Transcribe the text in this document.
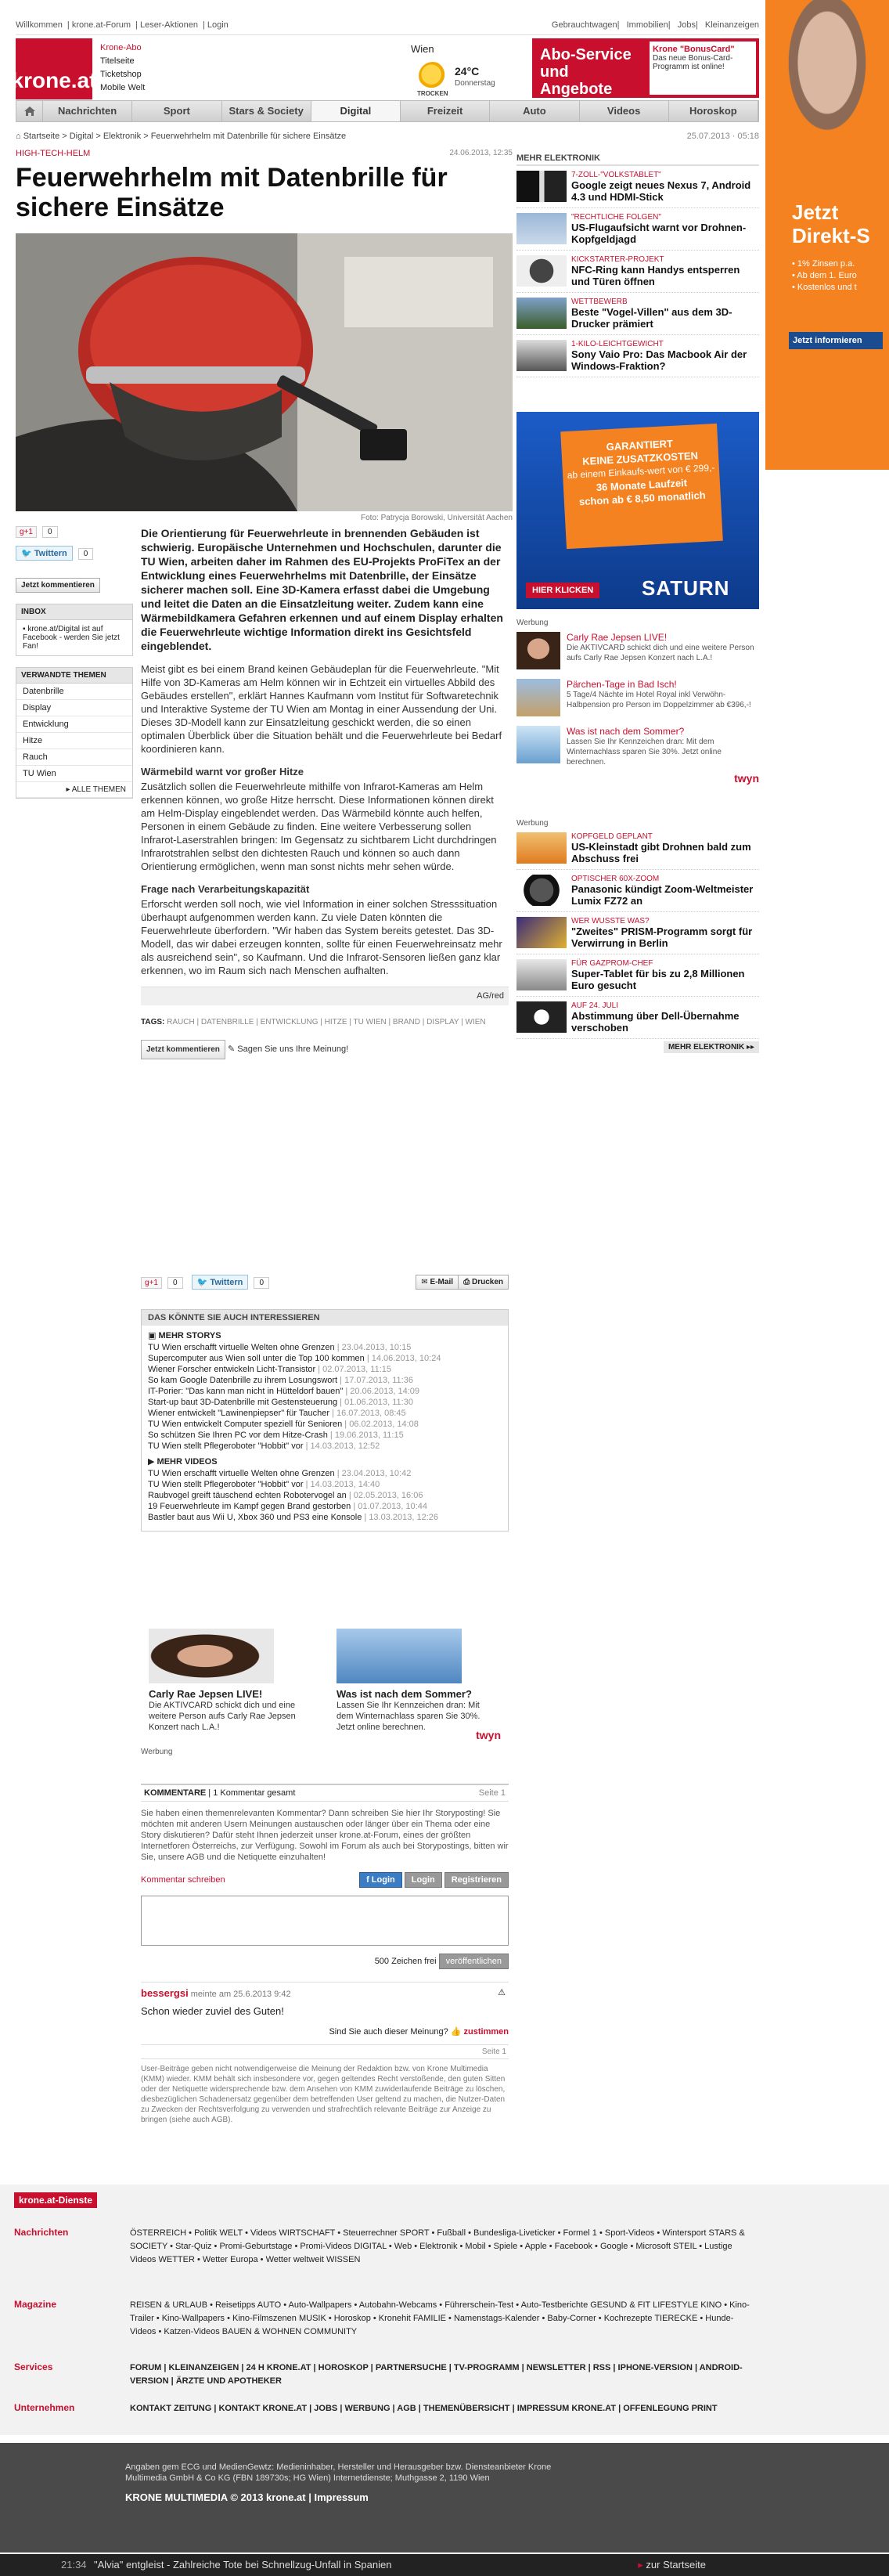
Willkommen | krone.at-Forum | Leser-Aktionen | Login	Gebrauchtwagen| Immobilien| Jobs| Kleinanzeigen
krone.at
Krone-Abo
Titelseite
Ticketshop
Mobile Welt
Wien
24°C
Donnerstag
TROCKEN
Abo-Service
und
Angebote
Krone "BonusCard"
Das neue Bonus-Card-Programm ist online!
Nachrichten	Sport	Stars & Society	Digital	Freizeit	Auto	Videos	Horoskop
⌂ Startseite > Digital > Elektronik > Feuerwehrhelm mit Datenbrille für sichere Einsätze	25.07.2013 · 05:18
HIGH-TECH-HELM	24.06.2013, 12:35
Feuerwehrhelm mit Datenbrille für sichere Einsätze
Foto: Patrycja Borowski, Universität Aachen
g+1 0
🐦 Twittern 0
Jetzt kommentieren
INBOX
▪ krone.at/Digital ist auf Facebook - werden Sie jetzt Fan!
VERWANDTE THEMEN
Datenbrille
Display
Entwicklung
Hitze
Rauch
TU Wien
▸ ALLE THEMEN
Die Orientierung für Feuerwehrleute in brennenden Gebäuden ist schwierig. Europäische Unternehmen und Hochschulen, darunter die TU Wien, arbeiten daher im Rahmen des EU-Projekts ProFiTex an der Entwicklung eines Feuerwehrhelms mit Datenbrille, der Einsätze sicherer machen soll. Eine 3D-Kamera erfasst dabei die Umgebung und leitet die Daten an die Einsatzleitung weiter. Zudem kann eine Wärmebildkamera Gefahren erkennen und auf einem Display erhalten die Feuerwehrleute wichtige Information direkt ins Gesichtsfeld eingeblendet.

Meist gibt es bei einem Brand keinen Gebäudeplan für die Feuerwehrleute. "Mit Hilfe von 3D-Kameras am Helm können wir in Echtzeit ein virtuelles Abbild des Gebäudes erstellen", erklärt Hannes Kaufmann vom Institut für Softwaretechnik und Interaktive Systeme der TU Wien am Montag in einer Aussendung der Uni. Dieses 3D-Modell kann zur Einsatzleitung geschickt werden, die so einen optimalen Überblick über die Situation behält und die Feuerwehrleute bei Bedarf koordinieren kann.

Wärmebild warnt vor großer Hitze

Zusätzlich sollen die Feuerwehrleute mithilfe von Infrarot-Kameras am Helm erkennen können, wo große Hitze herrscht. Diese Informationen können direkt am Helm-Display eingeblendet werden. Das Wärmebild könnte auch helfen, Personen in einem Gebäude zu finden. Eine weitere Verbesserung sollen Infrarot-Laserstrahlen bringen: Im Gegensatz zu sichtbarem Licht durchdringen Infrarotstrahlen selbst den dichtesten Rauch und können so auch dann Orientierung ermöglichen, wenn man sonst nichts mehr sehen würde.

Frage nach Verarbeitungskapazität

Erforscht werden soll noch, wie viel Information in einer solchen Stresssituation überhaupt aufgenommen werden kann. Zu viele Daten könnten die Feuerwehrleute überfordern. "Wir haben das System bereits getestet. Das 3D-Modell, das wir dabei erzeugen konnten, sollte für einen Feuerwehreinsatz mehr als ausreichend sein", so Kaufmann. Und die Infrarot-Sensoren ließen ganz klar erkennen, wo im Raum sich nach Menschen aufhalten.

AG/red
TAGS: RAUCH | DATENBRILLE | ENTWICKLUNG | HITZE | TU WIEN | BRAND | DISPLAY | WIEN
Jetzt kommentieren ✎ Sagen Sie uns Ihre Meinung!
MEHR ELEKTRONIK
7-ZOLL-"VOLKSTABLET"
Google zeigt neues Nexus 7, Android 4.3 und HDMI-Stick
"RECHTLICHE FOLGEN"
US-Flugaufsicht warnt vor Drohnen-Kopfgeldjagd
KICKSTARTER-PROJEKT
NFC-Ring kann Handys entsperren und Türen öffnen
WETTBEWERB
Beste "Vogel-Villen" aus dem 3D-Drucker prämiert
1-KILO-LEICHTGEWICHT
Sony Vaio Pro: Das Macbook Air der Windows-Fraktion?
GARANTIERT
KEINE ZUSATZKOSTEN
ab einem Einkaufs-wert von € 299,-
36 Monate Laufzeit
schon ab € 8,50 monatlich
HIER KLICKEN	SATURN
Werbung
Carly Rae Jepsen LIVE!
Die AKTIVCARD schickt dich und eine weitere Person aufs Carly Rae Jepsen Konzert nach L.A.!
Pärchen-Tage in Bad Isch!
5 Tage/4 Nächte im Hotel Royal inkl Verwöhn-Halbpension pro Person im Doppelzimmer ab €396,-!
Was ist nach dem Sommer?
Lassen Sie Ihr Kennzeichen dran: Mit dem Winternachlass sparen Sie 30%. Jetzt online berechnen.
twyn
Werbung
KOPFGELD GEPLANT
US-Kleinstadt gibt Drohnen bald zum Abschuss frei
OPTISCHER 60X-ZOOM
Panasonic kündigt Zoom-Weltmeister Lumix FZ72 an
WER WUSSTE WAS?
"Zweites" PRISM-Programm sorgt für Verwirrung in Berlin
FÜR GAZPROM-CHEF
Super-Tablet für bis zu 2,8 Millionen Euro gesucht
AUF 24. JULI
Abstimmung über Dell-Übernahme verschoben
MEHR ELEKTRONIK ▸▸
Jetzt
Direkt-S
• 1% Zinsen p.a.
• Ab dem 1. Euro
• Kostenlos und t
Jetzt informieren
g+1 0 🐦 Twittern 0	✉ E-Mail	⎙ Drucken
DAS KÖNNTE SIE AUCH INTERESSIEREN
▣ MEHR STORYS
TU Wien erschafft virtuelle Welten ohne Grenzen | 23.04.2013, 10:15
Supercomputer aus Wien soll unter die Top 100 kommen | 14.06.2013, 10:24
Wiener Forscher entwickeln Licht-Transistor | 02.07.2013, 11:15
So kam Google Datenbrille zu ihrem Losungswort | 17.07.2013, 11:36
IT-Porier: "Das kann man nicht in Hütteldorf bauen" | 20.06.2013, 14:09
Start-up baut 3D-Datenbrille mit Gestensteuerung | 01.06.2013, 11:30
Wiener entwickelt "Lawinenpiepser" für Taucher | 16.07.2013, 08:45
TU Wien entwickelt Computer speziell für Senioren | 06.02.2013, 14:08
So schützen Sie Ihren PC vor dem Hitze-Crash | 19.06.2013, 11:15
TU Wien stellt Pflegeroboter "Hobbit" vor | 14.03.2013, 12:52
▶ MEHR VIDEOS
TU Wien erschafft virtuelle Welten ohne Grenzen | 23.04.2013, 10:42
TU Wien stellt Pflegeroboter "Hobbit" vor | 14.03.2013, 14:40
Raubvogel greift täuschend echten Robotervogel an | 02.05.2013, 16:06
19 Feuerwehrleute im Kampf gegen Brand gestorben | 01.07.2013, 10:44
Bastler baut aus Wii U, Xbox 360 und PS3 eine Konsole | 13.03.2013, 12:26
Carly Rae Jepsen LIVE!
Die AKTIVCARD schickt dich und eine weitere Person aufs Carly Rae Jepsen Konzert nach L.A.!
Was ist nach dem Sommer?
Lassen Sie Ihr Kennzeichen dran: Mit dem Winternachlass sparen Sie 30%. Jetzt online berechnen.
twyn
Werbung
KOMMENTARE | 1 Kommentar gesamt	Seite 1
Sie haben einen themenrelevanten Kommentar? Dann schreiben Sie hier Ihr Storyposting! Sie möchten mit anderen Usern Meinungen austauschen oder länger über ein Thema oder eine Story diskutieren? Dafür steht Ihnen jederzeit unser krone.at-Forum, eines der größten Internetforen Österreichs, zur Verfügung. Sowohl im Forum als auch bei Storypostings, bitten wir Sie, unsere AGB und die Netiquette einzuhalten!
Kommentar schreiben	f Login Login Registrieren
500 Zeichen frei veröffentlichen
bessergsi meinte am 25.6.2013 9:42	⚠
Schon wieder zuviel des Guten!
Sind Sie auch dieser Meinung? 👍 zustimmen
Seite 1
User-Beiträge geben nicht notwendigerweise die Meinung der Redaktion bzw. von Krone Multimedia (KMM) wieder. KMM behält sich insbesondere vor, gegen geltendes Recht verstoßende, den guten Sitten oder der Netiquette widersprechende bzw. dem Ansehen von KMM zuwiderlaufende Beiträge zu löschen, diesbezüglichen Schadenersatz gegenüber dem betreffenden User geltend zu machen, die Nutzer-Daten zu Zwecken der Rechtsverfolgung zu verwenden und strafrechtlich relevante Beiträge zur Anzeige zu bringen (siehe auch AGB).
krone.at-Dienste
Nachrichten	ÖSTERREICH • Politik WELT • Videos WIRTSCHAFT • Steuerrechner SPORT • Fußball • Bundesliga-Liveticker • Formel 1 • Sport-Videos • Wintersport STARS & SOCIETY • Star-Quiz • Promi-Geburtstage • Promi-Videos DIGITAL • Web • Elektronik • Mobil • Spiele • Apple • Facebook • Google • Microsoft STEIL • Lustige Videos WETTER • Wetter Europa • Wetter weltweit WISSEN
Magazine	REISEN & URLAUB • Reisetipps AUTO • Auto-Wallpapers • Autobahn-Webcams • Führerschein-Test • Auto-Testberichte GESUND & FIT LIFESTYLE KINO • Kino-Trailer • Kino-Wallpapers • Kino-Filmszenen MUSIK • Horoskop • Kronehit FAMILIE • Namenstags-Kalender • Baby-Corner • Kochrezepte TIERECKE • Hunde-Videos • Katzen-Videos BAUEN & WOHNEN COMMUNITY
Services	FORUM | KLEINANZEIGEN | 24 H KRONE.AT | HOROSKOP | PARTNERSUCHE | TV-PROGRAMM | NEWSLETTER | RSS | IPHONE-VERSION | ANDROID-VERSION | ÄRZTE UND APOTHEKER
Unternehmen	KONTAKT ZEITUNG | KONTAKT KRONE.AT | JOBS | WERBUNG | AGB | THEMENÜBERSICHT | IMPRESSUM KRONE.AT | OFFENLEGUNG PRINT
Angaben gem ECG und MedienGewtz: Medieninhaber, Hersteller und Herausgeber bzw. Diensteanbieter Krone Multimedia GmbH & Co KG (FBN 189730s; HG Wien) Internetdienste; Muthgasse 2, 1190 Wien
KRONE MULTIMEDIA © 2013 krone.at | Impressum
21:34 "Alvia" entgleist - Zahlreiche Tote bei Schnellzug-Unfall in Spanien	▸ zur Startseite
